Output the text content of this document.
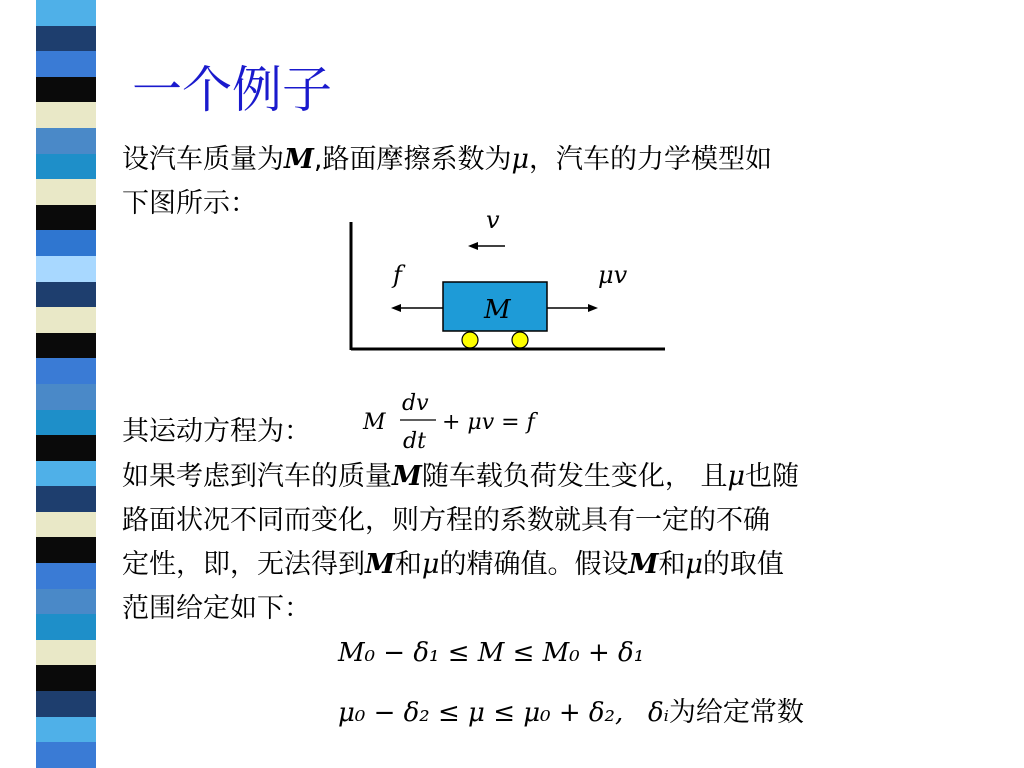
一个例子
设汽车质量为M,路面摩擦系数为μ，汽车的力学模型如
下图所示：
v
M
f	μv
其运动方程为： M
dv
dt
+ μv = f
如果考虑到汽车的质量M随车载负荷发生变化， 且μ也随
路面状况不同而变化，则方程的系数就具有一定的不确
定性，即，无法得到M和μ的精确值。假设M和μ的取值
范围给定如下：
M₀ − δ₁ ≤ M ≤ M₀ + δ₁
μ₀ − δ₂ ≤ μ ≤ μ₀ + δ₂, δᵢ为给定常数
